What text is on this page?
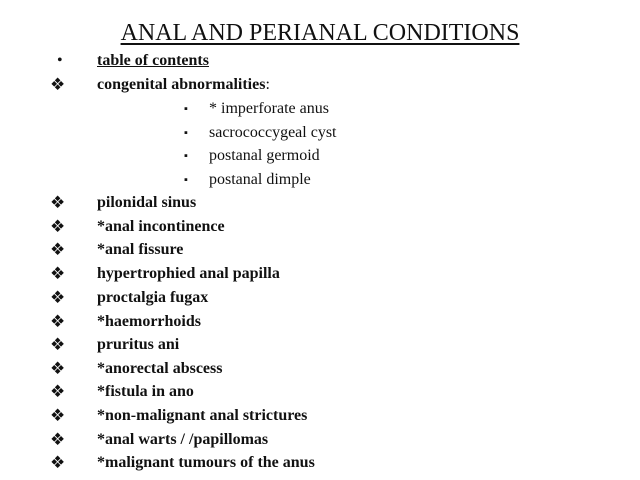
ANAL AND PERIANAL CONDITIONS
• table of contents
❖ congenital abnormalities:
▪ * imperforate anus
▪ sacrococcygeal cyst
▪ postanal germoid
▪ postanal dimple
❖ pilonidal sinus
❖ *anal incontinence
❖ *anal fissure
❖ hypertrophied anal papilla
❖ proctalgia fugax
❖ *haemorrhoids
❖ pruritus ani
❖ *anorectal abscess
❖ *fistula in ano
❖ *non-malignant anal strictures
❖ *anal warts / /papillomas
❖ *malignant tumours of the anus
